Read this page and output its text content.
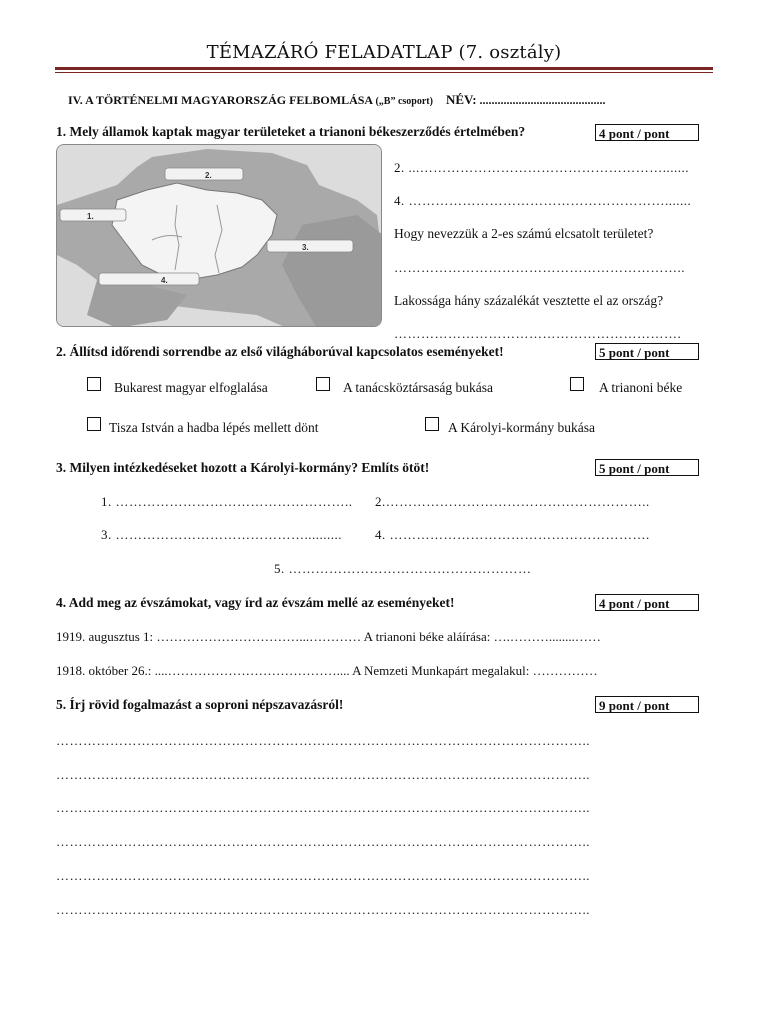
TÉMAZÁRÓ FELADATLAP (7. osztály)
IV. A TÖRTÉNELMI MAGYARORSZÁG FELBOMLÁSA („B” csoport) NÉV: ..........................................
1. Mely államok kaptak magyar területeket a trianoni békeszerződés értelmében?	4 pont / pont
2.
1.
3.
4.
2. ...……………………………………………….......
4. ………………………………………………….......
Hogy nevezzük a 2-es számú elcsatolt területet?
………………………………………………………..
Lakossága hány százalékát vesztette el az ország?
……………………………………………………….
2. Állítsd időrendi sorrendbe az első világháborúval kapcsolatos eseményeket!	5 pont / pont
Bukarest magyar elfoglalása	A tanácsköztársaság bukása	A trianoni béke
Tisza István a hadba lépés mellett dönt	A Károlyi-kormány bukása
3. Milyen intézkedéseket hozott a Károlyi-kormány? Említs ötöt!	5 pont / pont
1. …………………………………………….. 2.…………………………………………………..
3. ……………………………………..........	4. ………………………………………………….
5. ………………………………………………
4. Add meg az évszámokat, vagy írd az évszám mellé az eseményeket!	4 pont / pont
1919. augusztus 1: ……………………………...………… A trianoni béke aláírása: ….………........……
1918. október 26.: ....………………………………….... A Nemzeti Munkapárt megalakul: ……………
5. Írj rövid fogalmazást a soproni népszavazásról!	9 pont / pont
………………………………………………………………………………………………………..
………………………………………………………………………………………………………..
………………………………………………………………………………………………………..
………………………………………………………………………………………………………..
………………………………………………………………………………………………………..
………………………………………………………………………………………………………..
